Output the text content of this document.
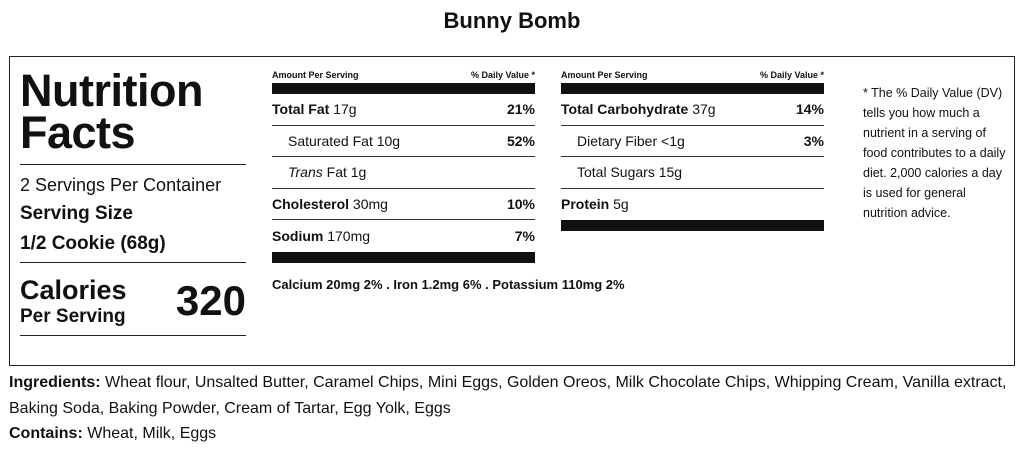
Bunny Bomb
Nutrition
Facts
2 Servings Per Container
Serving Size
1/2 Cookie (68g)
Calories
Per Serving 320
Amount Per Serving	% Daily Value *
Total Fat 17g	21%
Saturated Fat 10g	52%
Trans Fat 1g
Cholesterol 30mg	10%
Sodium 170mg	7%
Amount Per Serving	% Daily Value *
Total Carbohydrate 37g	14%
Dietary Fiber <1g	3%
Total Sugars 15g
Protein 5g
Calcium 20mg 2% . Iron 1.2mg 6% . Potassium 110mg 2%
* The % Daily Value (DV) tells you how much a nutrient in a serving of food contributes to a daily diet. 2,000 calories a day is used for general nutrition advice.
Ingredients: Wheat flour, Unsalted Butter, Caramel Chips, Mini Eggs, Golden Oreos, Milk Chocolate Chips, Whipping Cream, Vanilla extract, Baking Soda, Baking Powder, Cream of Tartar, Egg Yolk, Eggs
Contains: Wheat, Milk, Eggs
